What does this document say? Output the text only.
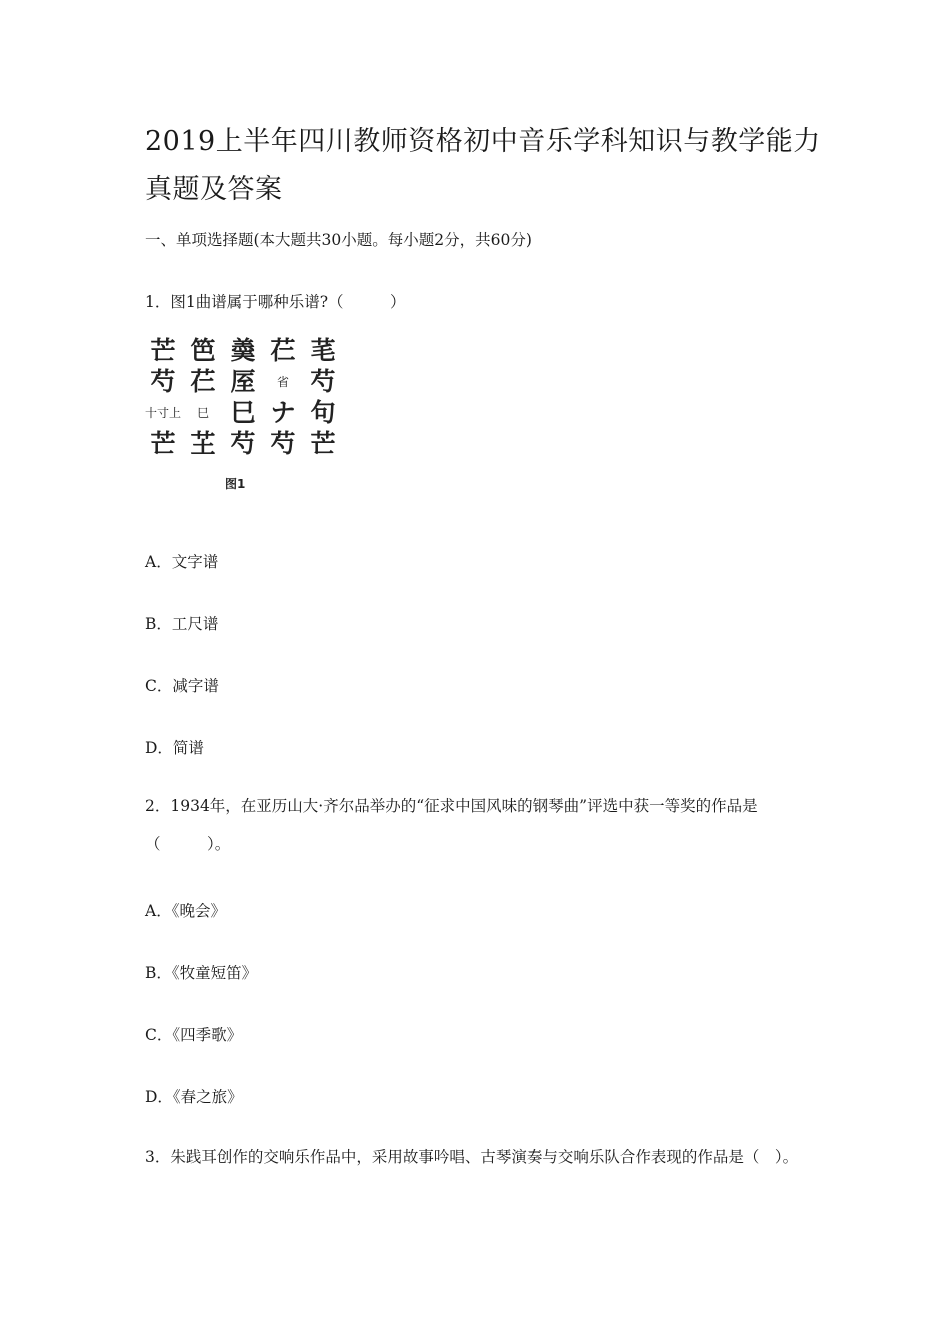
2019上半年四川教师资格初中音乐学科知识与教学能力真题及答案
一、单项选择题(本大题共30小题。每小题2分，共60分)
1．图1曲谱属于哪种乐谱?（　　　）
芒 笆 羮 芢 芼
芍 芢 厔	省 芍
十寸上	巳 巳 ナ 句
芒 芏 芍 芍 芒
图1
A．文字谱
B．工尺谱
C．减字谱
D．简谱
2．1934年，在亚历山大·齐尔品举办的“征求中国风味的钢琴曲”评选中获一等奖的作品是（　　　）。
A．《晚会》
B．《牧童短笛》
C．《四季歌》
D．《春之旅》
3．朱践耳创作的交响乐作品中，采用故事吟唱、古琴演奏与交响乐队合作表现的作品是（　）。
